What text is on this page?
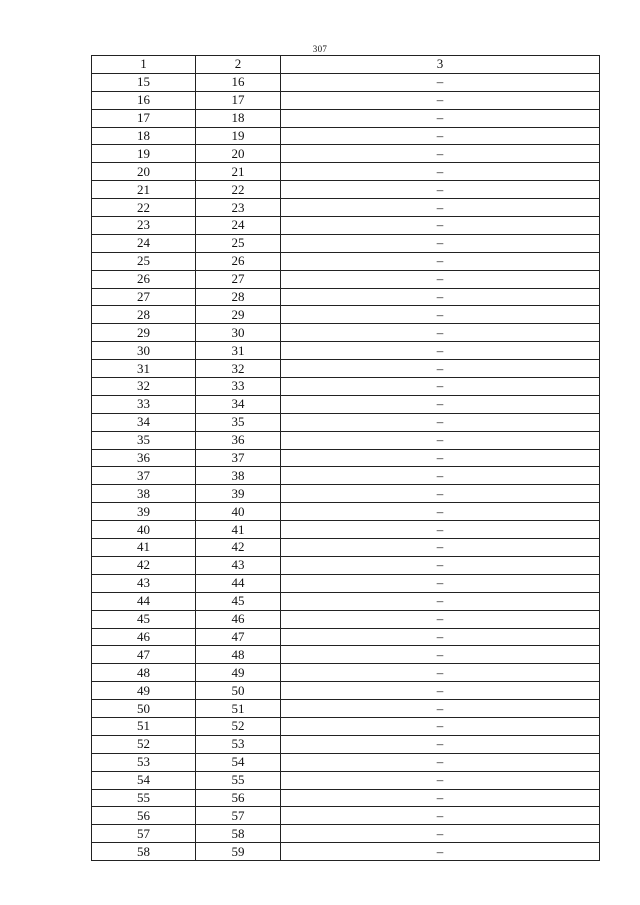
307
1	2	3
15	16	–
16	17	–
17	18	–
18	19	–
19	20	–
20	21	–
21	22	–
22	23	–
23	24	–
24	25	–
25	26	–
26	27	–
27	28	–
28	29	–
29	30	–
30	31	–
31	32	–
32	33	–
33	34	–
34	35	–
35	36	–
36	37	–
37	38	–
38	39	–
39	40	–
40	41	–
41	42	–
42	43	–
43	44	–
44	45	–
45	46	–
46	47	–
47	48	–
48	49	–
49	50	–
50	51	–
51	52	–
52	53	–
53	54	–
54	55	–
55	56	–
56	57	–
57	58	–
58	59	–
